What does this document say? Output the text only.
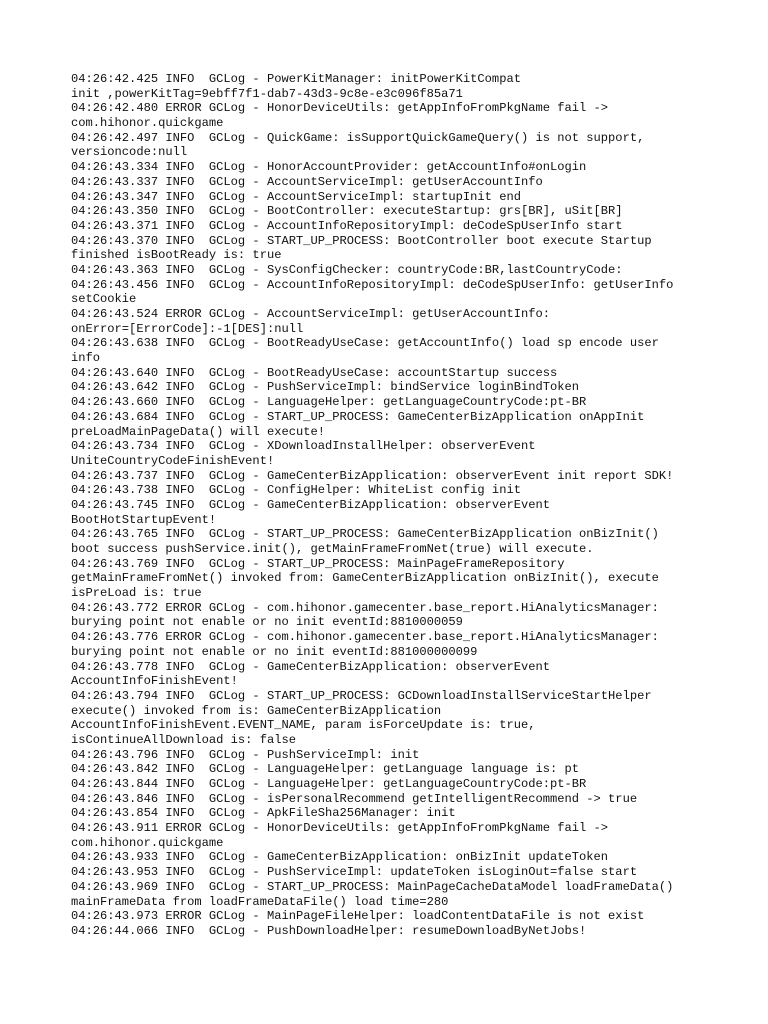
04:26:42.425 INFO  GCLog - PowerKitManager: initPowerKitCompat
init ,powerKitTag=9ebff7f1-dab7-43d3-9c8e-e3c096f85a71
04:26:42.480 ERROR GCLog - HonorDeviceUtils: getAppInfoFromPkgName fail ->
com.hihonor.quickgame
04:26:42.497 INFO  GCLog - QuickGame: isSupportQuickGameQuery() is not support,
versioncode:null
04:26:43.334 INFO  GCLog - HonorAccountProvider: getAccountInfo#onLogin
04:26:43.337 INFO  GCLog - AccountServiceImpl: getUserAccountInfo
04:26:43.347 INFO  GCLog - AccountServiceImpl: startupInit end
04:26:43.350 INFO  GCLog - BootController: executeStartup: grs[BR], uSit[BR]
04:26:43.371 INFO  GCLog - AccountInfoRepositoryImpl: deCodeSpUserInfo start
04:26:43.370 INFO  GCLog - START_UP_PROCESS: BootController boot execute Startup
finished isBootReady is: true
04:26:43.363 INFO  GCLog - SysConfigChecker: countryCode:BR,lastCountryCode:
04:26:43.456 INFO  GCLog - AccountInfoRepositoryImpl: deCodeSpUserInfo: getUserInfo
setCookie
04:26:43.524 ERROR GCLog - AccountServiceImpl: getUserAccountInfo:
onError=[ErrorCode]:-1[DES]:null
04:26:43.638 INFO  GCLog - BootReadyUseCase: getAccountInfo() load sp encode user
info
04:26:43.640 INFO  GCLog - BootReadyUseCase: accountStartup success
04:26:43.642 INFO  GCLog - PushServiceImpl: bindService loginBindToken
04:26:43.660 INFO  GCLog - LanguageHelper: getLanguageCountryCode:pt-BR
04:26:43.684 INFO  GCLog - START_UP_PROCESS: GameCenterBizApplication onAppInit
preLoadMainPageData() will execute!
04:26:43.734 INFO  GCLog - XDownloadInstallHelper: observerEvent
UniteCountryCodeFinishEvent!
04:26:43.737 INFO  GCLog - GameCenterBizApplication: observerEvent init report SDK!
04:26:43.738 INFO  GCLog - ConfigHelper: WhiteList config init
04:26:43.745 INFO  GCLog - GameCenterBizApplication: observerEvent
BootHotStartupEvent!
04:26:43.765 INFO  GCLog - START_UP_PROCESS: GameCenterBizApplication onBizInit()
boot success pushService.init(), getMainFrameFromNet(true) will execute.
04:26:43.769 INFO  GCLog - START_UP_PROCESS: MainPageFrameRepository
getMainFrameFromNet() invoked from: GameCenterBizApplication onBizInit(), execute
isPreLoad is: true
04:26:43.772 ERROR GCLog - com.hihonor.gamecenter.base_report.HiAnalyticsManager:
burying point not enable or no init eventId:8810000059
04:26:43.776 ERROR GCLog - com.hihonor.gamecenter.base_report.HiAnalyticsManager:
burying point not enable or no init eventId:881000000099
04:26:43.778 INFO  GCLog - GameCenterBizApplication: observerEvent
AccountInfoFinishEvent!
04:26:43.794 INFO  GCLog - START_UP_PROCESS: GCDownloadInstallServiceStartHelper
execute() invoked from is: GameCenterBizApplication
AccountInfoFinishEvent.EVENT_NAME, param isForceUpdate is: true,
isContinueAllDownload is: false
04:26:43.796 INFO  GCLog - PushServiceImpl: init
04:26:43.842 INFO  GCLog - LanguageHelper: getLanguage language is: pt
04:26:43.844 INFO  GCLog - LanguageHelper: getLanguageCountryCode:pt-BR
04:26:43.846 INFO  GCLog - isPersonalRecommend getIntelligentRecommend -> true
04:26:43.854 INFO  GCLog - ApkFileSha256Manager: init
04:26:43.911 ERROR GCLog - HonorDeviceUtils: getAppInfoFromPkgName fail ->
com.hihonor.quickgame
04:26:43.933 INFO  GCLog - GameCenterBizApplication: onBizInit updateToken
04:26:43.953 INFO  GCLog - PushServiceImpl: updateToken isLoginOut=false start
04:26:43.969 INFO  GCLog - START_UP_PROCESS: MainPageCacheDataModel loadFrameData()
mainFrameData from loadFrameDataFile() load time=280
04:26:43.973 ERROR GCLog - MainPageFileHelper: loadContentDataFile is not exist
04:26:44.066 INFO  GCLog - PushDownloadHelper: resumeDownloadByNetJobs!
